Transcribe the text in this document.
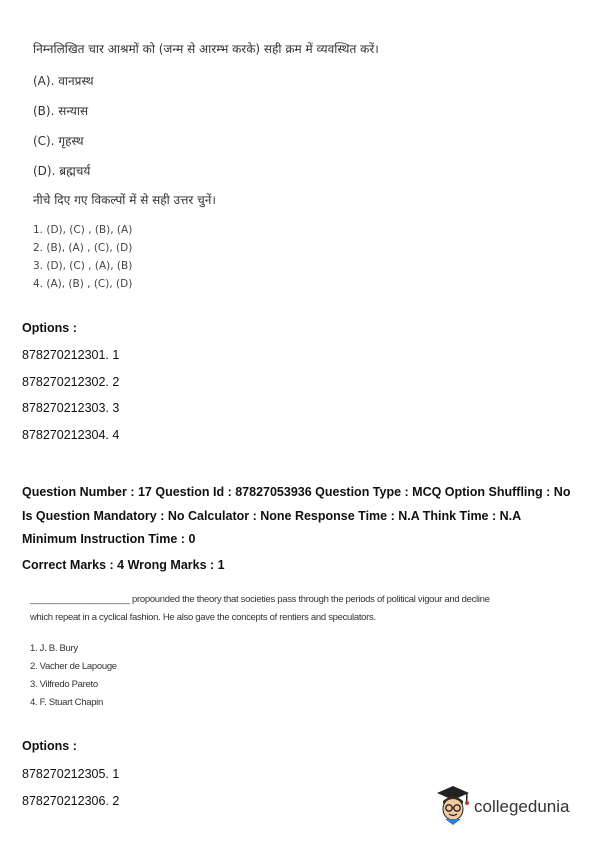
निम्नलिखित चार आश्रमों को (जन्म से आरम्भ करके) सही क्रम में व्यवस्थित करें।
(A). वानप्रस्थ
(B). सन्यास
(C). गृहस्थ
(D). ब्रह्मचर्य
नीचे दिए गए विकल्पों में से सही उत्तर चुनें।
1. (D), (C) , (B), (A)
2. (B), (A) , (C), (D)
3. (D), (C) , (A), (B)
4. (A), (B) , (C), (D)
Options :
878270212301. 1
878270212302. 2
878270212303. 3
878270212304. 4
Question Number : 17 Question Id : 87827053936 Question Type : MCQ Option Shuffling : No
Is Question Mandatory : No Calculator : None Response Time : N.A Think Time : N.A
Minimum Instruction Time : 0
Correct Marks : 4 Wrong Marks : 1
____________________ propounded the theory that societies pass through the periods of political vigour and decline
which repeat in a cyclical fashion. He also gave the concepts of rentiers and speculators.
1. J. B. Bury
2. Vacher de Lapouge
3. Vilfredo Pareto
4. F. Stuart Chapin
Options :
878270212305. 1
878270212306. 2	collegedunia
